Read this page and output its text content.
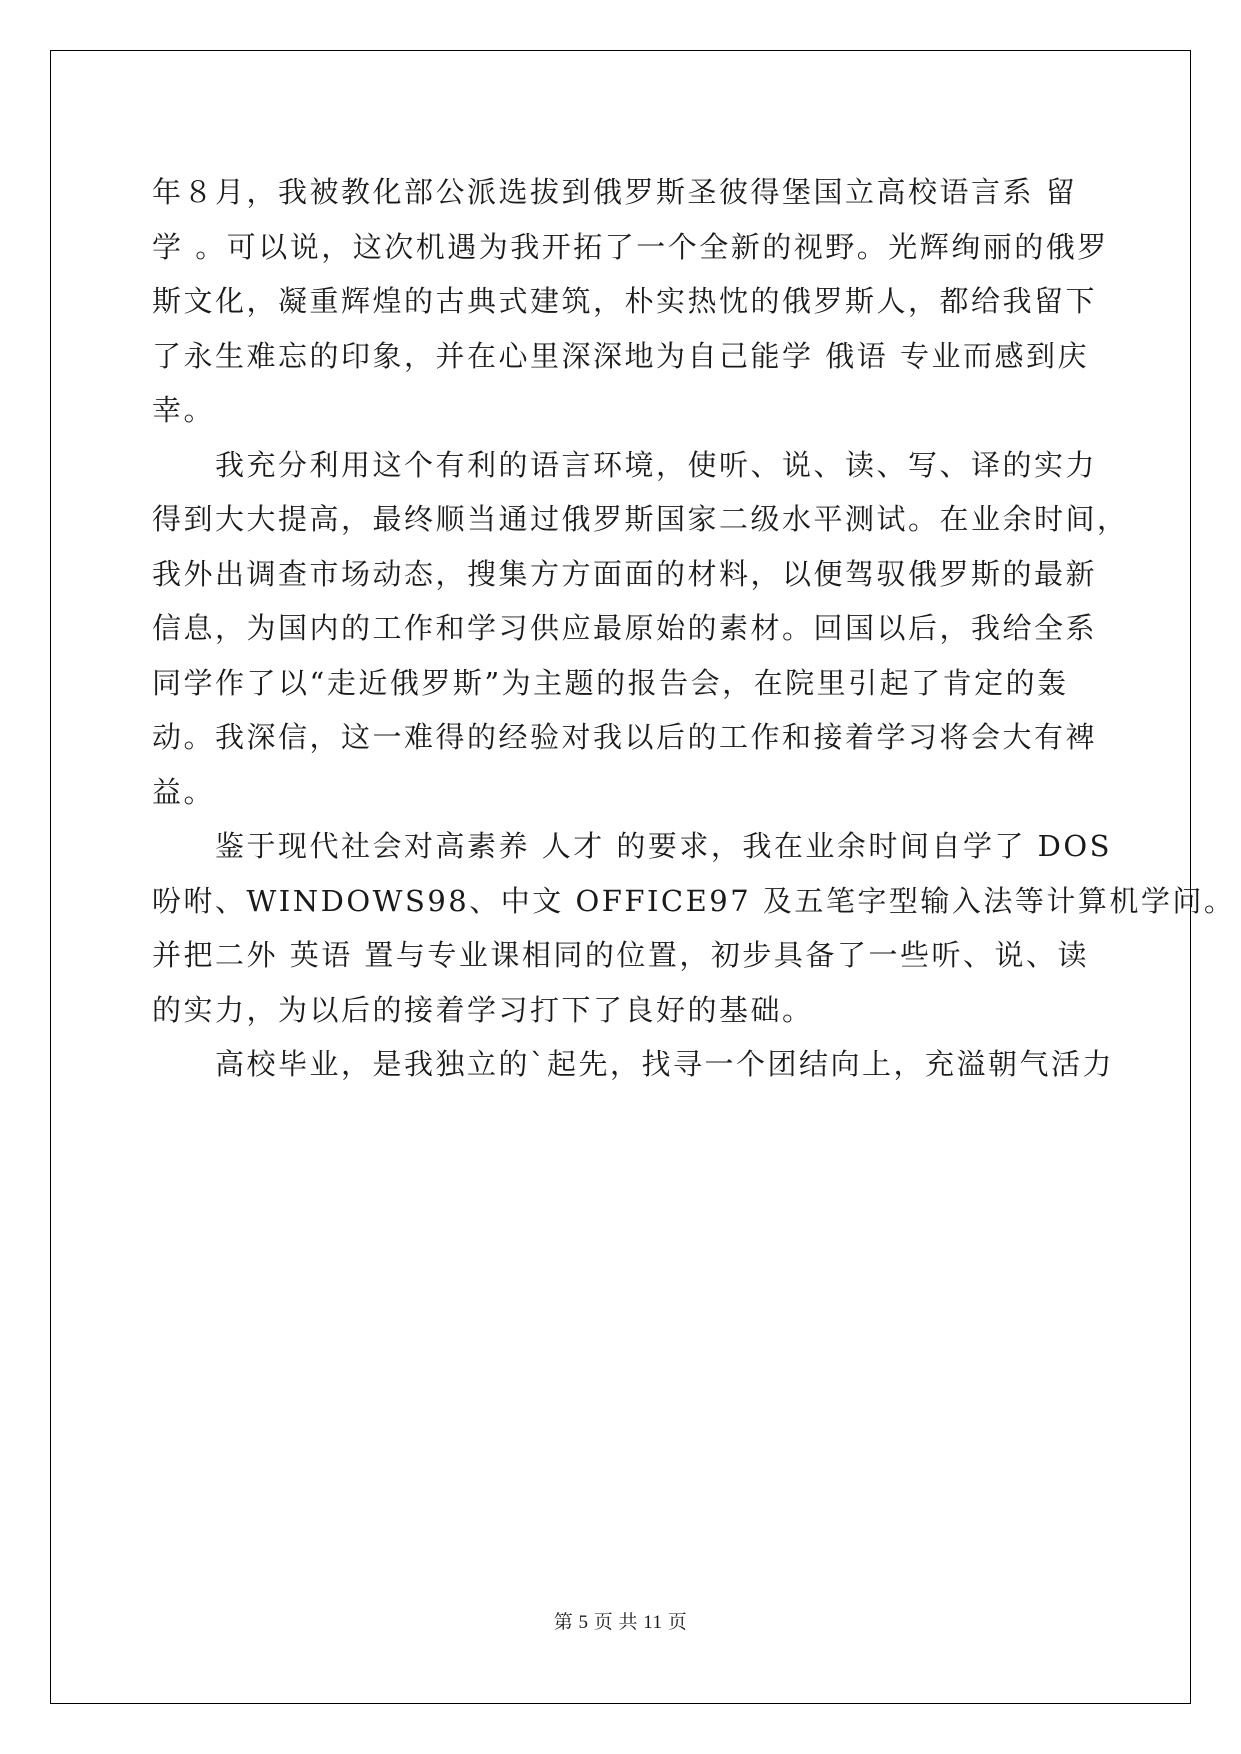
年８月，我被教化部公派选拔到俄罗斯圣彼得堡国立高校语言系 留

学 。可以说，这次机遇为我开拓了一个全新的视野。光辉绚丽的俄罗

斯文化，凝重辉煌的古典式建筑，朴实热忱的俄罗斯人，都给我留下

了永生难忘的印象，并在心里深深地为自己能学 俄语 专业而感到庆

幸。

我充分利用这个有利的语言环境，使听、说、读、写、译的实力

得到大大提高，最终顺当通过俄罗斯国家二级水平测试。在业余时间，

我外出调查市场动态，搜集方方面面的材料，以便驾驭俄罗斯的最新

信息，为国内的工作和学习供应最原始的素材。回国以后，我给全系

同学作了以“走近俄罗斯”为主题的报告会，在院里引起了肯定的轰

动。我深信，这一难得的经验对我以后的工作和接着学习将会大有裨

益。

鉴于现代社会对高素养 人才 的要求，我在业余时间自学了 DOS

吩咐、WINDOWS98、中文 OFFICE97 及五笔字型输入法等计算机学问。

并把二外 英语 置与专业课相同的位置，初步具备了一些听、说、读

的实力，为以后的接着学习打下了良好的基础。

高校毕业，是我独立的`起先，找寻一个团结向上，充溢朝气活力

第 5 页 共 11 页
